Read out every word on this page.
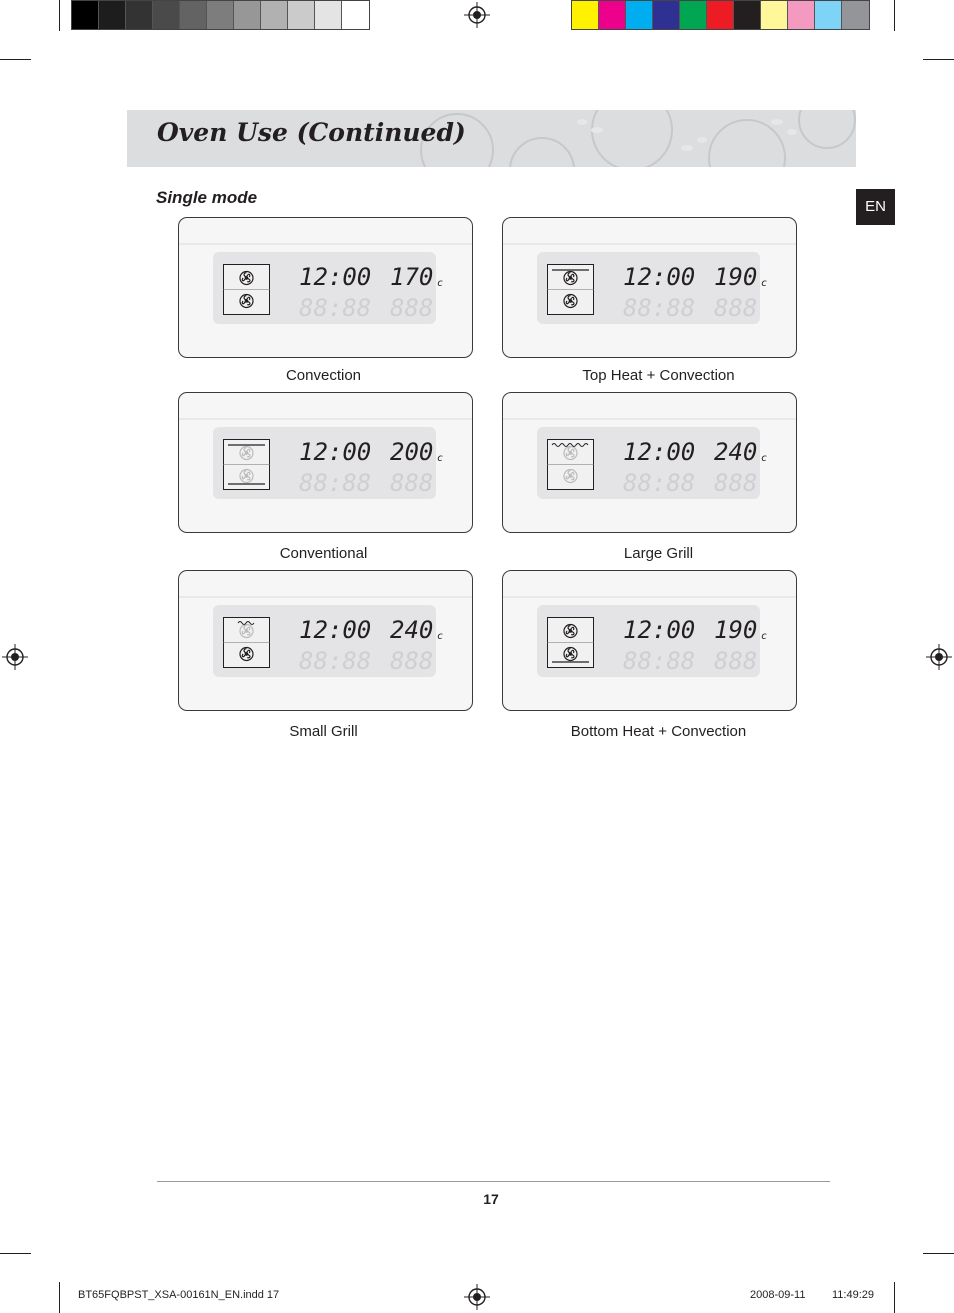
Oven Use (Continued)
EN
Single mode
12:00 170 c
88:88 888
Convection
12:00 190 c
88:88 888
Top Heat + Convection
12:00 200 c
88:88 888
Conventional
12:00 240 c
88:88 888
Large Grill
12:00 240 c
88:88 888
Small Grill
12:00 190 c
88:88 888
Bottom Heat + Convection
17
BT65FQBPST_XSA-00161N_EN.indd 17	2008-09-11 11:49:29
